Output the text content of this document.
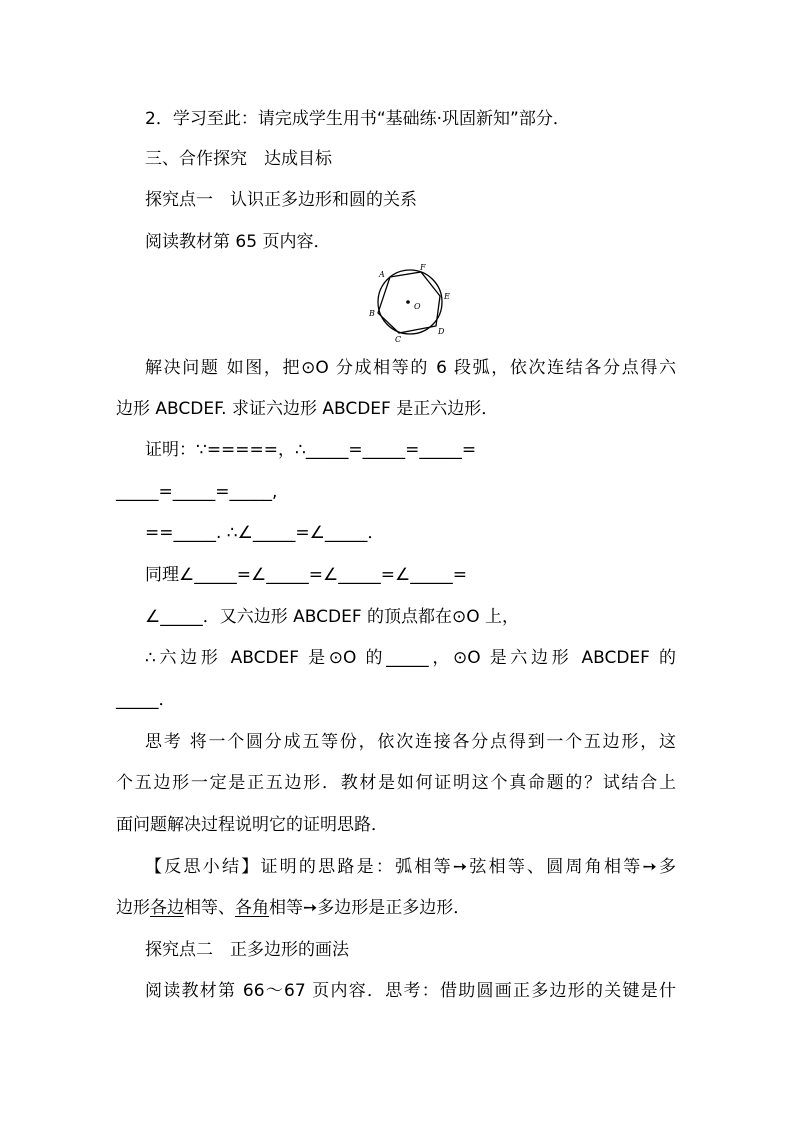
2．学习至此：请完成学生用书“基础练·巩固新知”部分．
三、合作探究　达成目标
探究点一　认识正多边形和圆的关系
阅读教材第 65 页内容．
O
A
F
E
D
C
B
解决问题 如图，把⊙O 分成相等的 6 段弧，依次连结各分点得六
边形 ABCDEF. 求证六边形 ABCDEF 是正六边形．
证明：∵=====，∴_____=_____=_____=
_____=_____=_____,
==_____. ∴∠_____=∠_____．
同理∠_____=∠_____=∠_____=∠_____=
∠_____．又六边形 ABCDEF 的顶点都在⊙O 上，
∴六边形 ABCDEF 是⊙O 的_____，⊙O 是六边形 ABCDEF 的
_____．
思考 将一个圆分成五等份，依次连接各分点得到一个五边形，这
个五边形一定是正五边形．教材是如何证明这个真命题的？试结合上
面问题解决过程说明它的证明思路．
【反思小结】证明的思路是：弧相等➙弦相等、圆周角相等➙多
边形各边相等、各角相等➙多边形是正多边形．
探究点二　正多边形的画法
阅读教材第 66～67 页内容．思考：借助圆画正多边形的关键是什
